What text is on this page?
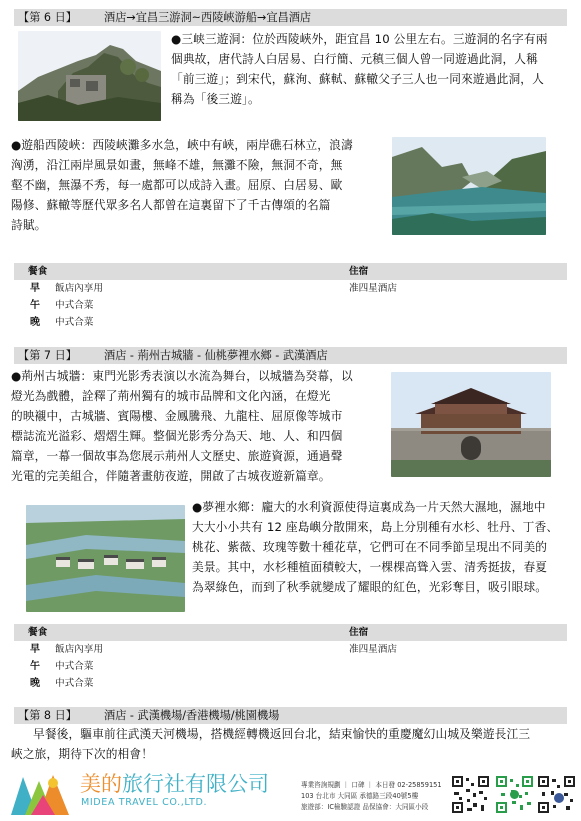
【第 6 日】 酒店→宜昌三游洞~西陵峽游船→宜昌酒店
●三峡三遊洞：位於西陵峽外，距宜昌 10 公里左右。三遊洞的名字有兩
個典故，唐代詩人白居易、白行簡、元稹三個人曾一同遊過此洞，人稱
「前三遊」；到宋代，蘇洵、蘇軾、蘇轍父子三人也一同來遊過此洞，人
稱為「後三遊」。
●遊船西陵峽：西陵峽灘多水急，峽中有峽，兩岸礁石林立，浪濤
洶湧，沿江兩岸風景如畫，無峰不雄，無灘不險，無洞不奇，無
壑不幽，無瀑不秀，每一處都可以成詩入畫。屈原、白居易、歐
陽修、蘇轍等歷代眾多名人都曾在這裏留下了千古傳頌的名篇
詩賦。
餐食	住宿
早 飯店內享用	准四星酒店
午 中式合菜
晚 中式合菜
【第 7 日】 酒店 - 荊州古城牆 - 仙桃夢裡水鄉 - 武漢酒店
●荊州古城牆：東門光影秀表演以水流為舞台，以城牆為癸幕，以
燈光為戲體，詮釋了荊州獨有的城市品牌和文化內涵，在燈光
的映襯中，古城牆、賓陽樓、金鳳騰飛、九龍柱、屈原像等城市
標誌流光溢彩、熠熠生輝。整個光影秀分為天、地、人、和四個
篇章，一幕一個故事為您展示荊州人文歷史、旅遊資源，通過聲
光電的完美組合，伴隨著畫舫夜遊，開啟了古城夜遊新篇章。
●夢裡水鄉：龐大的水利資源使得這裏成為一片天然大濕地，濕地中
大大小小共有 12 座島嶼分散開來，島上分別種有水杉、牡丹、丁香、
桃花、紫薇、玫瑰等數十種花草，它們可在不同季節呈現出不同美的
美景。其中，水杉種植面積較大，一棵棵高聳入雲、清秀挺拔，春夏
為翠綠色，而到了秋季就變成了耀眼的紅色，光彩奪目，吸引眼球。
餐食	住宿
早 飯店內享用	准四星酒店
午 中式合菜
晚 中式合菜
【第 8 日】 酒店 - 武漢機場/香港機場/桃園機場
早餐後，驅車前往武漢天河機場，搭機經轉機返回台北，結束愉快的重慶魔幻山城及樂遊長江三
峽之旅，期待下次的相會！
美的旅行社有限公司
MIDEA TRAVEL CO.,LTD.
專業咨詢規劃 ｜ 口碑 ｜ 本日發 02-25859151
103 台北市 大同區 承德路三段40號5樓
旅遊部：IC檢驗認證 品保協會：大同區小段
